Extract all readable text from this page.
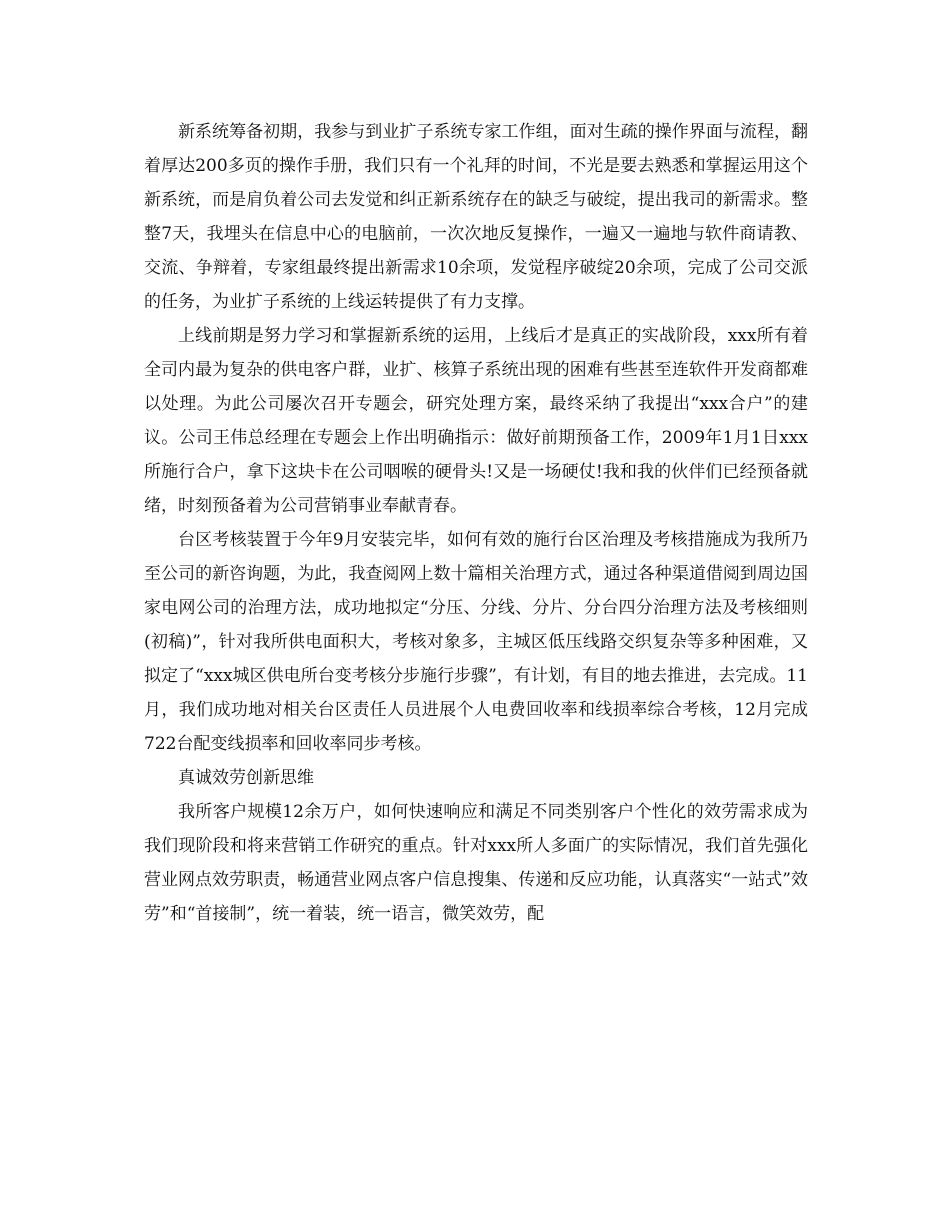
新系统筹备初期，我参与到业扩子系统专家工作组，面对生疏的操作界面与流程，翻着厚达200多页的操作手册，我们只有一个礼拜的时间，不光是要去熟悉和掌握运用这个新系统，而是肩负着公司去发觉和纠正新系统存在的缺乏与破绽，提出我司的新需求。整整7天，我埋头在信息中心的电脑前，一次次地反复操作，一遍又一遍地与软件商请教、交流、争辩着，专家组最终提出新需求10余项，发觉程序破绽20余项，完成了公司交派的任务，为业扩子系统的上线运转提供了有力支撑。

上线前期是努力学习和掌握新系统的运用，上线后才是真正的实战阶段，xxx所有着全司内最为复杂的供电客户群，业扩、核算子系统出现的困难有些甚至连软件开发商都难以处理。为此公司屡次召开专题会，研究处理方案，最终采纳了我提出“xxx合户”的建议。公司王伟总经理在专题会上作出明确指示：做好前期预备工作，2009年1月1日xxx所施行合户，拿下这块卡在公司咽喉的硬骨头!又是一场硬仗!我和我的伙伴们已经预备就绪，时刻预备着为公司营销事业奉献青春。

台区考核装置于今年9月安装完毕，如何有效的施行台区治理及考核措施成为我所乃至公司的新咨询题，为此，我查阅网上数十篇相关治理方式，通过各种渠道借阅到周边国家电网公司的治理方法，成功地拟定“分压、分线、分片、分台四分治理方法及考核细则(初稿)”，针对我所供电面积大，考核对象多，主城区低压线路交织复杂等多种困难，又拟定了“xxx城区供电所台变考核分步施行步骤”，有计划，有目的地去推进，去完成。11月，我们成功地对相关台区责任人员进展个人电费回收率和线损率综合考核，12月完成722台配变线损率和回收率同步考核。

真诚效劳创新思维

我所客户规模12余万户，如何快速响应和满足不同类别客户个性化的效劳需求成为我们现阶段和将来营销工作研究的重点。针对xxx所人多面广的实际情况，我们首先强化营业网点效劳职责，畅通营业网点客户信息搜集、传递和反应功能，认真落实“一站式”效劳”和“首接制”，统一着装，统一语言，微笑效劳，配
